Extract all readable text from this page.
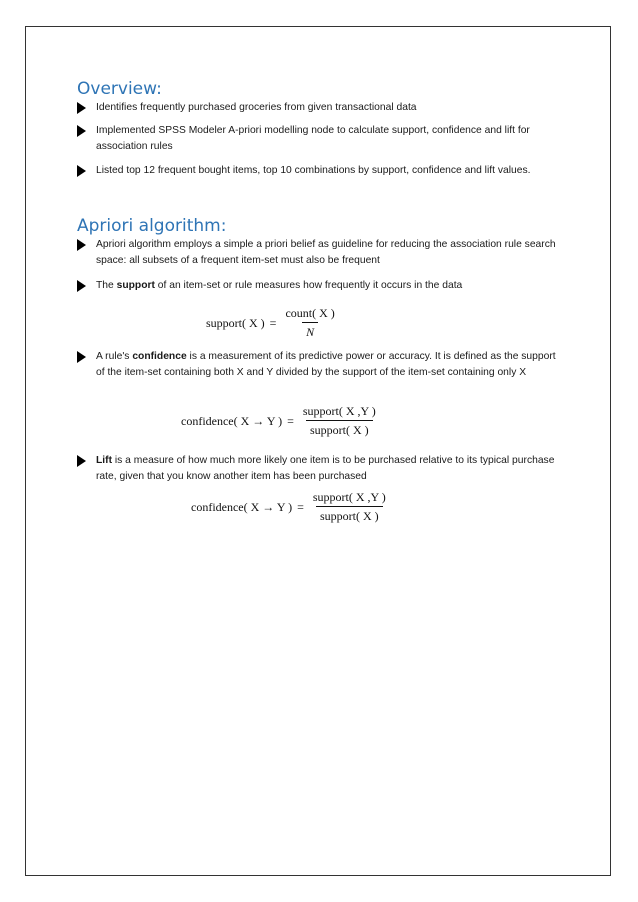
Overview:
Identifies frequently purchased groceries from given transactional data
Implemented SPSS Modeler A-priori modelling node to calculate support, confidence and lift for association rules
Listed top 12 frequent bought items, top 10 combinations by support, confidence and lift values.
Apriori algorithm:
Apriori algorithm employs a simple a priori belief as guideline for reducing the association rule search space: all subsets of a frequent item-set must also be frequent
The support of an item-set or rule measures how frequently it occurs in the data
support( X ) = $\frac{\text{count( X )}}{N}$
A rule's confidence is a measurement of its predictive power or accuracy. It is defined as the support of the item-set containing both X and Y divided by the support of the item-set containing only X
confidence( X → Y ) = $\frac{\text{support( X ,Y )}}{\text{support( X )}}$
Lift is a measure of how much more likely one item is to be purchased relative to its typical purchase rate, given that you know another item has been purchased
confidence( X → Y ) = $\frac{\text{support( X ,Y )}}{\text{support( X )}}$
